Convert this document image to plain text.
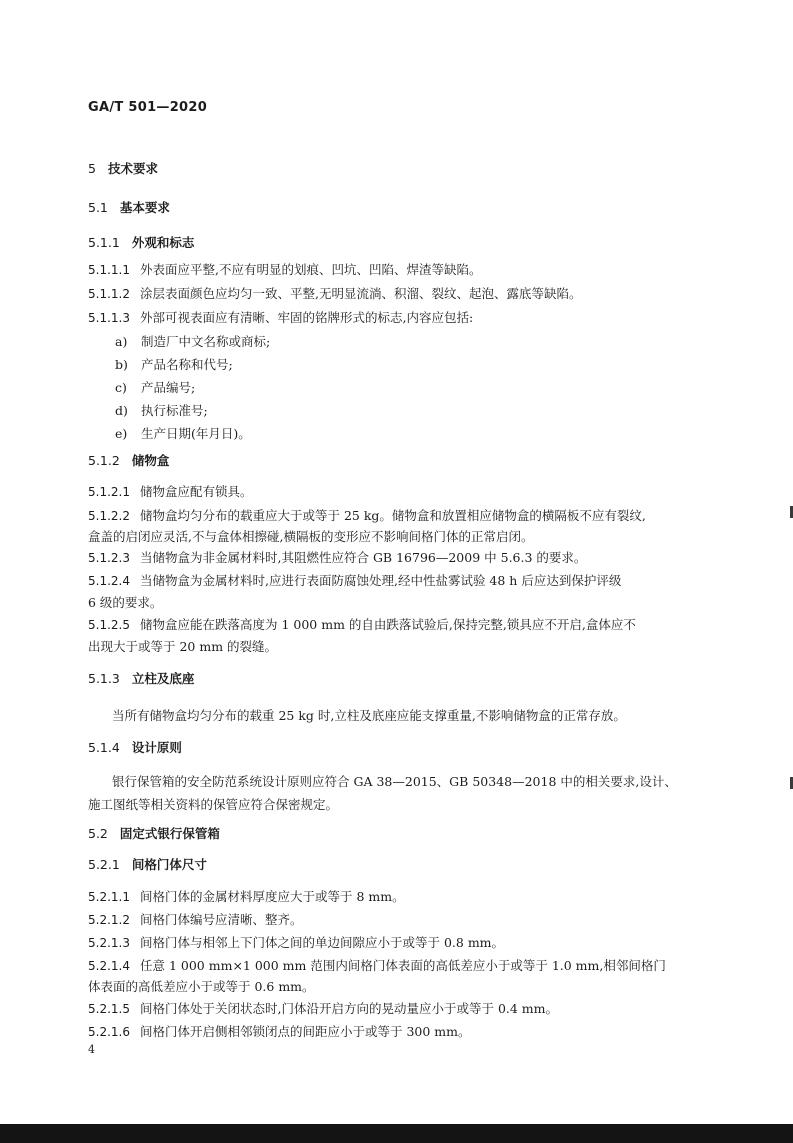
GA/T 501—2020
5 技术要求
5.1 基本要求
5.1.1 外观和标志
5.1.1.1 外表面应平整,不应有明显的划痕、凹坑、凹陷、焊渣等缺陷。
5.1.1.2 涂层表面颜色应均匀一致、平整,无明显流淌、积溜、裂纹、起泡、露底等缺陷。
5.1.1.3 外部可视表面应有清晰、牢固的铭牌形式的标志,内容应包括:
a) 制造厂中文名称或商标;
b) 产品名称和代号;
c) 产品编号;
d) 执行标准号;
e) 生产日期(年月日)。
5.1.2 储物盒
5.1.2.1 储物盒应配有锁具。
5.1.2.2 储物盒均匀分布的载重应大于或等于 25 kg。储物盒和放置相应储物盒的横隔板不应有裂纹,
盒盖的启闭应灵活,不与盒体相擦碰,横隔板的变形应不影响间格门体的正常启闭。
5.1.2.3 当储物盒为非金属材料时,其阻燃性应符合 GB 16796—2009 中 5.6.3 的要求。
5.1.2.4 当储物盒为金属材料时,应进行表面防腐蚀处理,经中性盐雾试验 48 h 后应达到保护评级
6 级的要求。
5.1.2.5 储物盒应能在跌落高度为 1 000 mm 的自由跌落试验后,保持完整,锁具应不开启,盒体应不
出现大于或等于 20 mm 的裂缝。
5.1.3 立柱及底座
当所有储物盒均匀分布的载重 25 kg 时,立柱及底座应能支撑重量,不影响储物盒的正常存放。
5.1.4 设计原则
银行保管箱的安全防范系统设计原则应符合 GA 38—2015、GB 50348—2018 中的相关要求,设计、
施工图纸等相关资料的保管应符合保密规定。
5.2 固定式银行保管箱
5.2.1 间格门体尺寸
5.2.1.1 间格门体的金属材料厚度应大于或等于 8 mm。
5.2.1.2 间格门体编号应清晰、整齐。
5.2.1.3 间格门体与相邻上下门体之间的单边间隙应小于或等于 0.8 mm。
5.2.1.4 任意 1 000 mm×1 000 mm 范围内间格门体表面的高低差应小于或等于 1.0 mm,相邻间格门
体表面的高低差应小于或等于 0.6 mm。
5.2.1.5 间格门体处于关闭状态时,门体沿开启方向的晃动量应小于或等于 0.4 mm。
5.2.1.6 间格门体开启侧相邻锁闭点的间距应小于或等于 300 mm。
4
